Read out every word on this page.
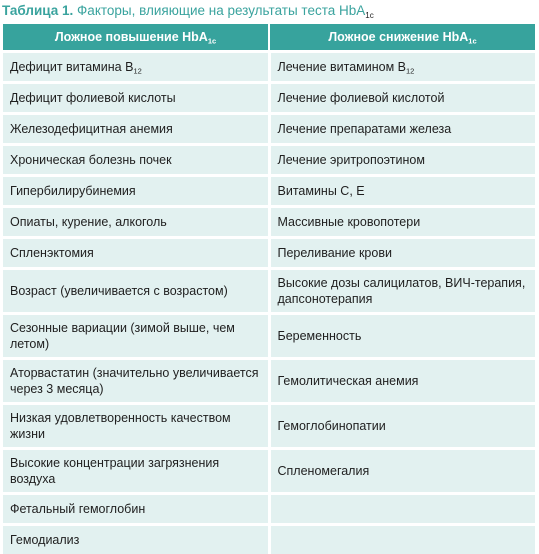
Таблица 1. Факторы, влияющие на результаты теста HbA$_{1c}$
Ложное повышение HbA$_{1c}$	Ложное снижение HbA$_{1c}$
Дефицит витамина $B_{12}$	Лечение витамином $B_{12}$
Дефицит фолиевой кислоты	Лечение фолиевой кислотой
Железодефицитная анемия	Лечение препаратами железа
Хроническая болезнь почек	Лечение эритропоэтином
Гипербилирубинемия	Витамины С, Е
Опиаты, курение, алкоголь	Массивные кровопотери
Спленэктомия	Переливание крови
Возраст (увеличивается с возрастом)	Высокие дозы салицилатов, ВИЧ-терапия, дапсонотерапия
Сезонные вариации (зимой выше, чем летом)	Беременность
Аторвастатин (значительно увеличивается через 3 месяца)	Гемолитическая анемия
Низкая удовлетворенность качеством жизни	Гемоглобинопатии
Высокие концентрации загрязнения воздуха	Спленомегалия
Фетальный гемоглобин	
Гемодиализ	
